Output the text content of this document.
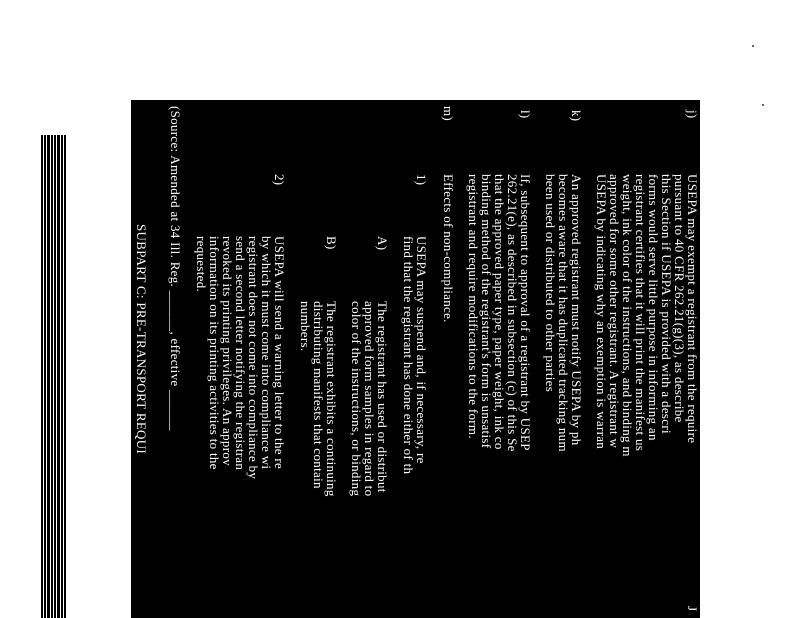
J
j)
USEPA may exempt a registrant from the require
pursuant to 40 CFR 262.21(g)(3), as describe
this Section if USEPA is provided with a descri
forms would serve little purpose in informing an
registrant certifies that it will print the manifest us
weight, ink color of the instructions, and binding m
approved for some other registrant. A registrant w
USEPA by indicating why an exemption is warran
k)
An approved registrant must notify USEPA by ph
becomes aware that it has duplicated tracking num
been used or distributed to other parties
l)
If, subsequent to approval of a registrant by USEP
262.21(e), as described in subsection (c) of this Se
that the approved paper type, paper weight, ink co
binding method of the registrant's form is unsatisf
registrant and require modifications to the form.
m)
Effects of non-compliance.
1)
USEPA may suspend and, if necessary, re
find that the registrant has done either of th
A)
The registrant has used or distribut
approved form samples in regard to
color of the instructions, or binding
B)
The registrant exhibits a continuing
distributing manifests that contain
numbers.
2)
USEPA will send a warning letter to the re
by which it must come into compliance wi
registrant does not come into compliance by
send a second letter notifying the registran
revoked its printing privileges. An approv
information on its printing activities to the
requested.
(Source: Amended at 34 Ill. Reg. ______, effective ______
SUBPART C: PRE-TRANSPORT REQUI
